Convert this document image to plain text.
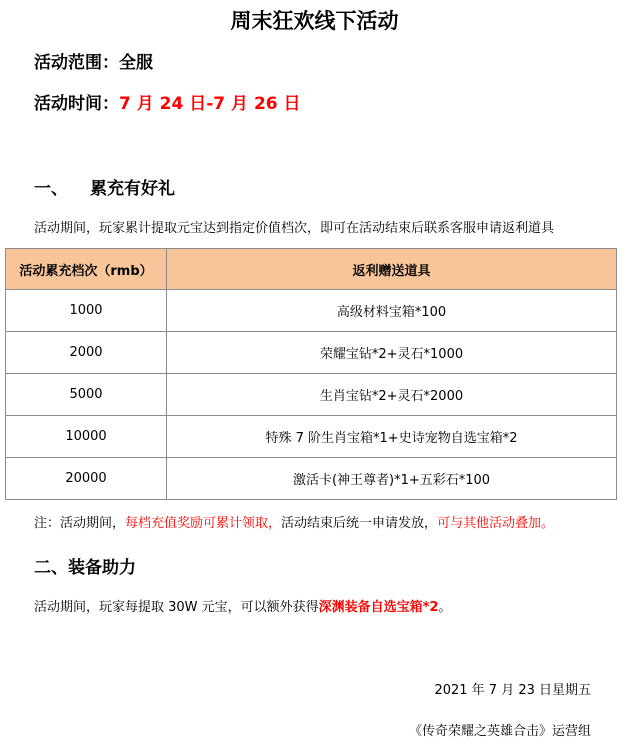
周末狂欢线下活动
活动范围：全服
活动时间：7 月 24 日-7 月 26 日
一、 累充有好礼
活动期间，玩家累计提取元宝达到指定价值档次，即可在活动结束后联系客服申请返利道具
活动累充档次（rmb）	返利赠送道具
1000	高级材料宝箱*100
2000	荣耀宝钻*2+灵石*1000
5000	生肖宝钻*2+灵石*2000
10000	特殊 7 阶生肖宝箱*1+史诗宠物自选宝箱*2
20000	激活卡(神王尊者)*1+五彩石*100
注：活动期间，每档充值奖励可累计领取，活动结束后统一申请发放，可与其他活动叠加。
二、装备助力
活动期间，玩家每提取 30W 元宝，可以额外获得深渊装备自选宝箱*2。
2021 年 7 月 23 日星期五
《传奇荣耀之英雄合击》运营组
